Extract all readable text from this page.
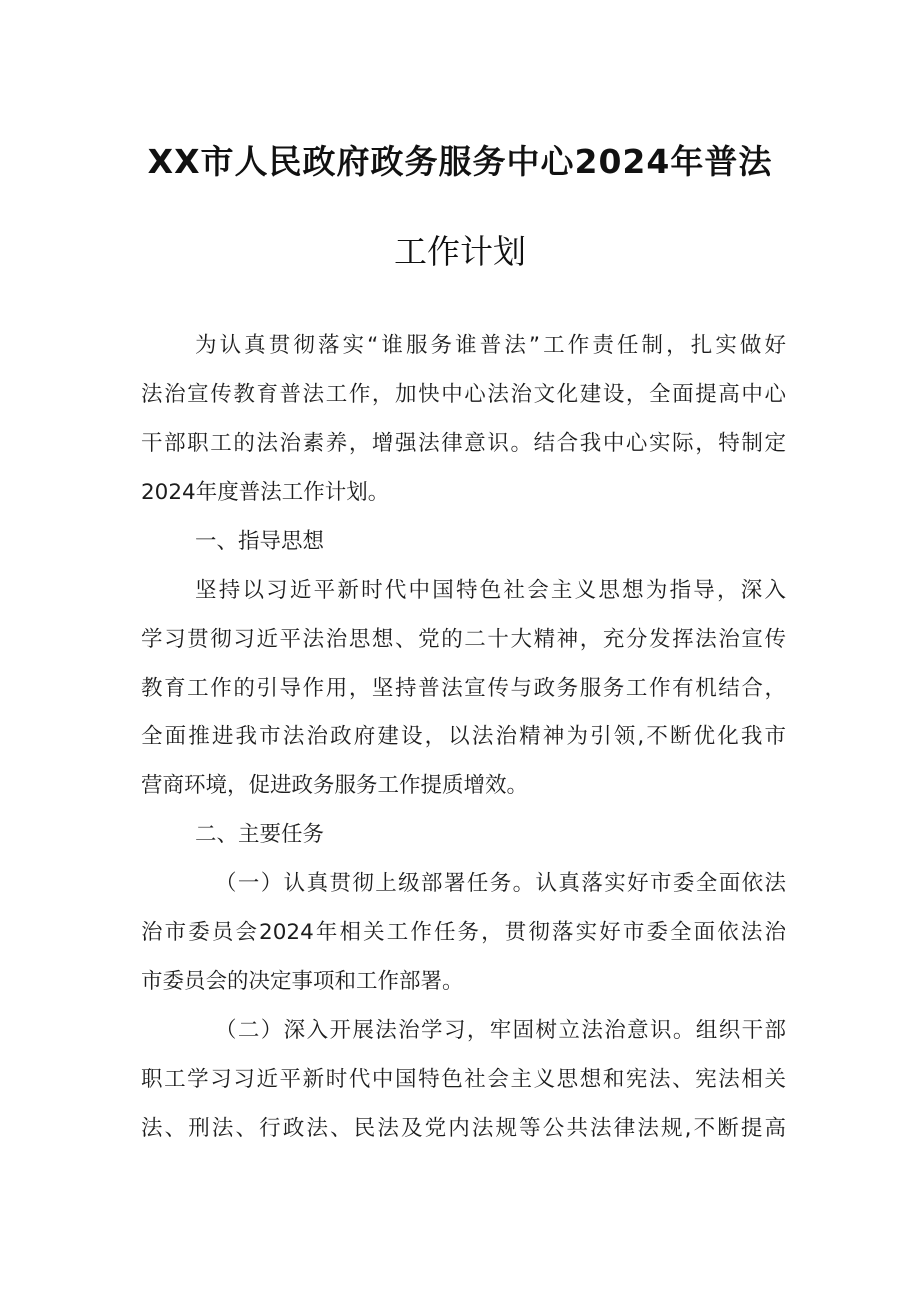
XX市人民政府政务服务中心2024年普法
工作计划
为认真贯彻落实“谁服务谁普法”工作责任制，扎实做好
法治宣传教育普法工作，加快中心法治文化建设，全面提高中心
干部职工的法治素养，增强法律意识。结合我中心实际，特制定
2024年度普法工作计划。
一、指导思想
坚持以习近平新时代中国特色社会主义思想为指导，深入
学习贯彻习近平法治思想、党的二十大精神，充分发挥法治宣传
教育工作的引导作用，坚持普法宣传与政务服务工作有机结合，
全面推进我市法治政府建设，以法治精神为引领,不断优化我市
营商环境，促进政务服务工作提质增效。
二、主要任务
（一）认真贯彻上级部署任务。认真落实好市委全面依法
治市委员会2024年相关工作任务，贯彻落实好市委全面依法治
市委员会的决定事项和工作部署。
（二）深入开展法治学习，牢固树立法治意识。组织干部
职工学习习近平新时代中国特色社会主义思想和宪法、宪法相关
法、刑法、行政法、民法及党内法规等公共法律法规,不断提高
